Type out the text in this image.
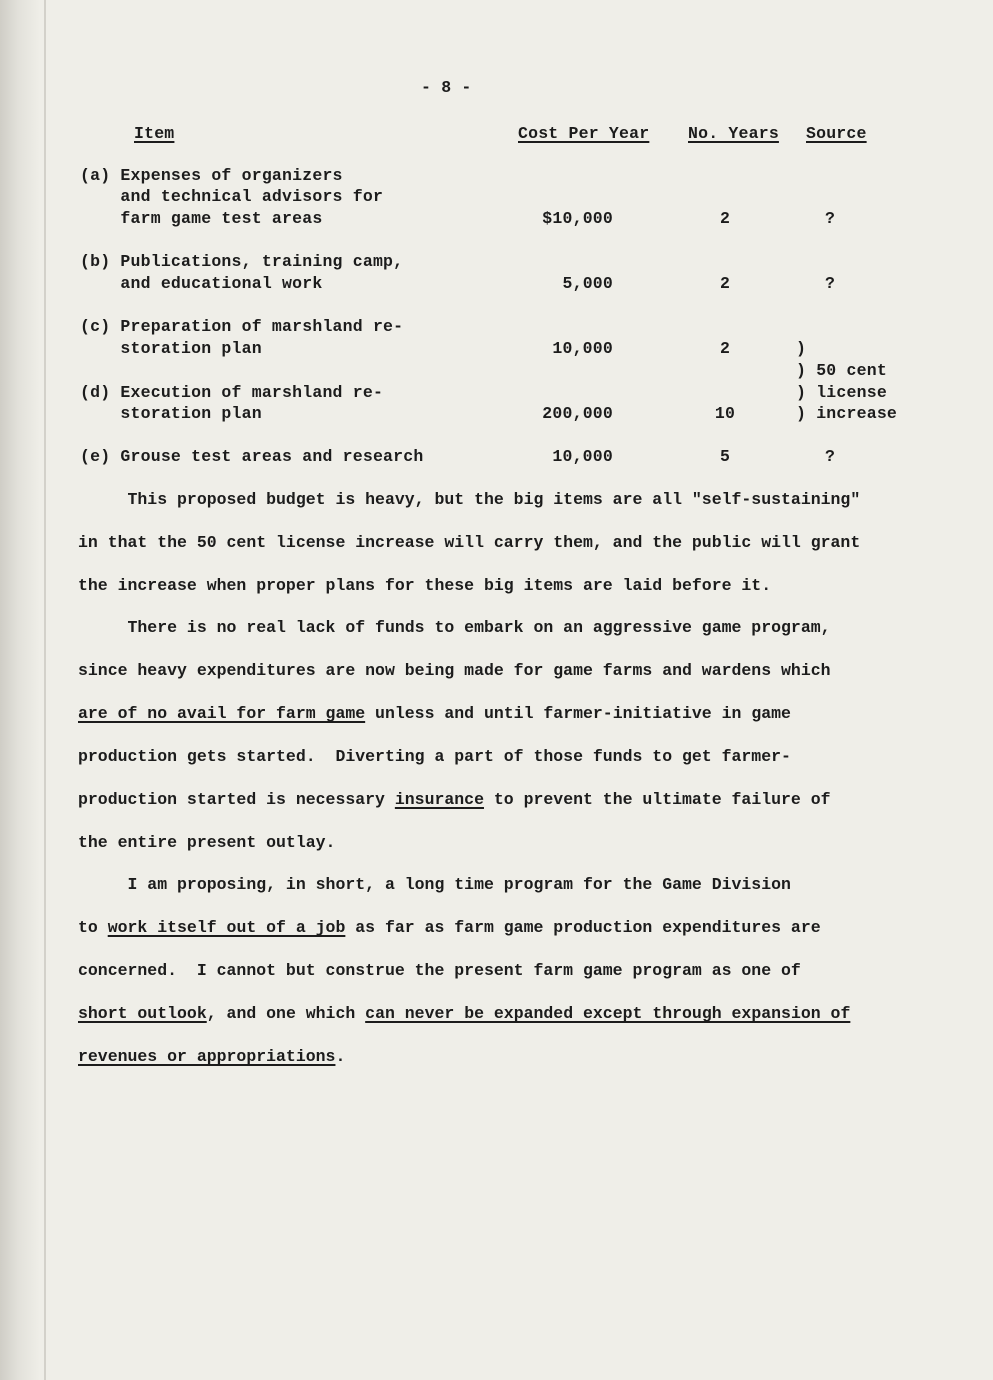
- 8 -
Item	Cost Per Year No. Years Source
(a) Expenses of organizers
and technical advisors for
farm game test areas	$10,000	2	?
(b) Publications, training camp,
and educational work	5,000	2	?
(c) Preparation of marshland re-
storation plan	10,000	2	)
) 50 cent
) license
) increase
(d) Execution of marshland re-
storation plan	200,000	10
(e) Grouse test areas and research	10,000	5	?
This proposed budget is heavy, but the big items are all "self-sustaining"
in that the 50 cent license increase will carry them, and the public will grant
the increase when proper plans for these big items are laid before it.
There is no real lack of funds to embark on an aggressive game program,
since heavy expenditures are now being made for game farms and wardens which
are of no avail for farm game unless and until farmer-initiative in game
production gets started.  Diverting a part of those funds to get farmer-
production started is necessary insurance to prevent the ultimate failure of
the entire present outlay.
I am proposing, in short, a long time program for the Game Division
to work itself out of a job as far as farm game production expenditures are
concerned.  I cannot but construe the present farm game program as one of
short outlook, and one which can never be expanded except through expansion of
revenues or appropriations.
